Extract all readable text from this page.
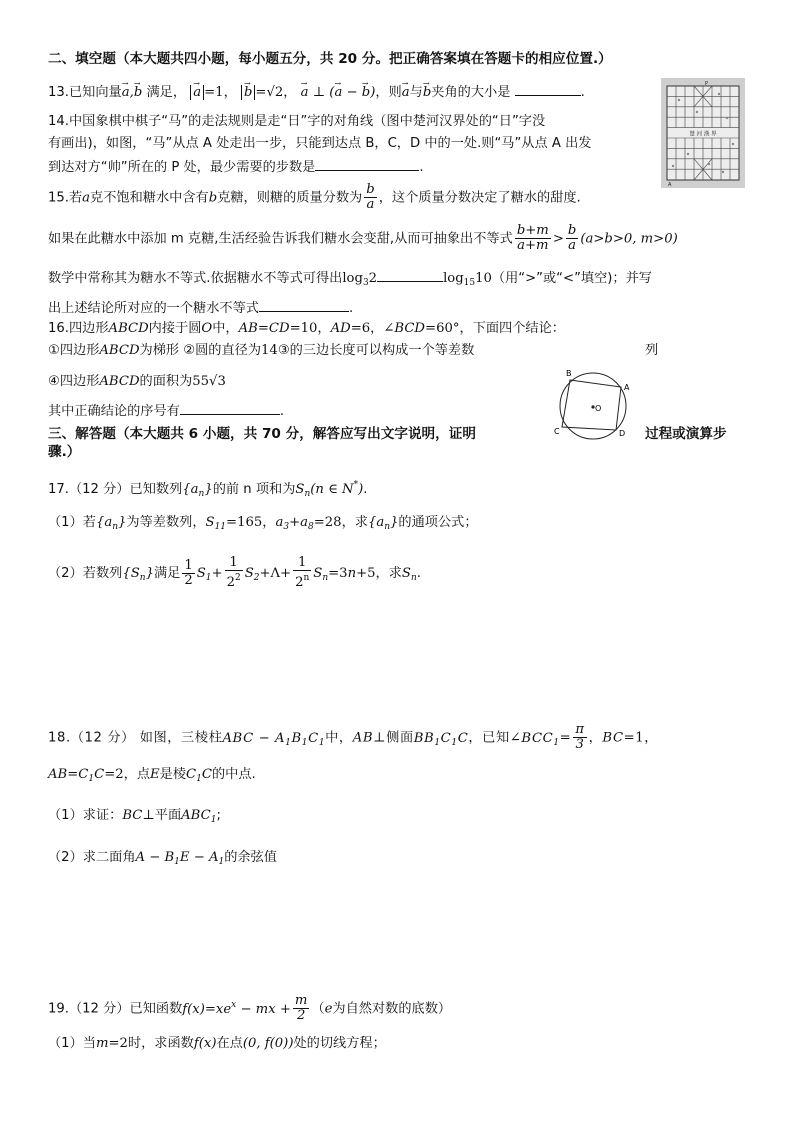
二、填空题（本大题共四小题，每小题五分，共 20 分。把正确答案填在答题卡的相应位置.）
13.已知向量→ a,→ b 满足， → a =1， → b =√2， → a ⊥ (→ a − → b)，则→ a与→ b夹角的大小是	.
14.中国象棋中棋子“马”的走法规则是走“日”字的对角线（图中楚河汉界处的“日”字没
有画出)，如图，“马”从点 A 处走出一步，只能到达点 B，C，D 中的一处.则“马”从点 A 出发
到达对方“帅”所在的 P 处，最少需要的步数是	.
楚 河 漢 界
P
A
15.若a克不饱和糖水中含有b克糖，则糖的质量分数为 $\frac{b}{a}$ ，这个质量分数决定了糖水的甜度.
如果在此糖水中添加 m 克糖,生活经验告诉我们糖水会变甜,从而可抽象出不等式 $\frac{b+m}{a+m} > \frac{b}{a} (a>b>0$, m>0)
数学中常称其为糖水不等式.依据糖水不等式可得出$\log_32$	$\log_{15}10$（用“>”或“<”填空)；并写
出上述结论所对应的一个糖水不等式	.
16.四边形ABCD内接于圆O中，AB=CD=10，AD=6，∠BCD=60°，下面四个结论：
①四边形ABCD为梯形 ②圆的直径为14③的三边长度可以构成一个等差数	列
④四边形ABCD的面积为55√3
其中正确结论的序号有	.
B
A
C	D
O
三、解答题（本大题共 6 小题，共 70 分，解答应写出文字说明，证明	过程或演算步
骤.）
17.（12 分）已知数列$\{a_n\}$的前 n 项和为$S_n(n$ ∈ N*).
（1）若$\{a_n\}$为等差数列，$S_{11}=165$，$a_3+a_8=28$，求$\{a_n\}$的通项公式；
（2）若数列$\{S_n\}$满足 $\frac{1}{2} S_1+ \frac{1}{2^2} S_2+\Lambda+ \frac{1}{2^n} S_n=3n+5$，求$S_n$.
18.（12 分） 如图，三棱柱ABC − $A_1B_1C_1$中，AB⊥侧面$BB_1C_1C$，已知$\angle BCC_1= \frac{\pi}{3}$ ，BC=1，
$AB=C_1C=2$，点E是棱$C_1C$的中点.
（1）求证：BC⊥平面$ABC_1$;
（2）求二面角$A - B_1E - A_1$的余弦值
19.（12 分）已知函数$f(x)=xe^x$ − mx + $\frac{m}{2} (e$为自然对数的底数）
（1）当m=2时，求函数f(x)在点(0, f(0))处的切线方程；
